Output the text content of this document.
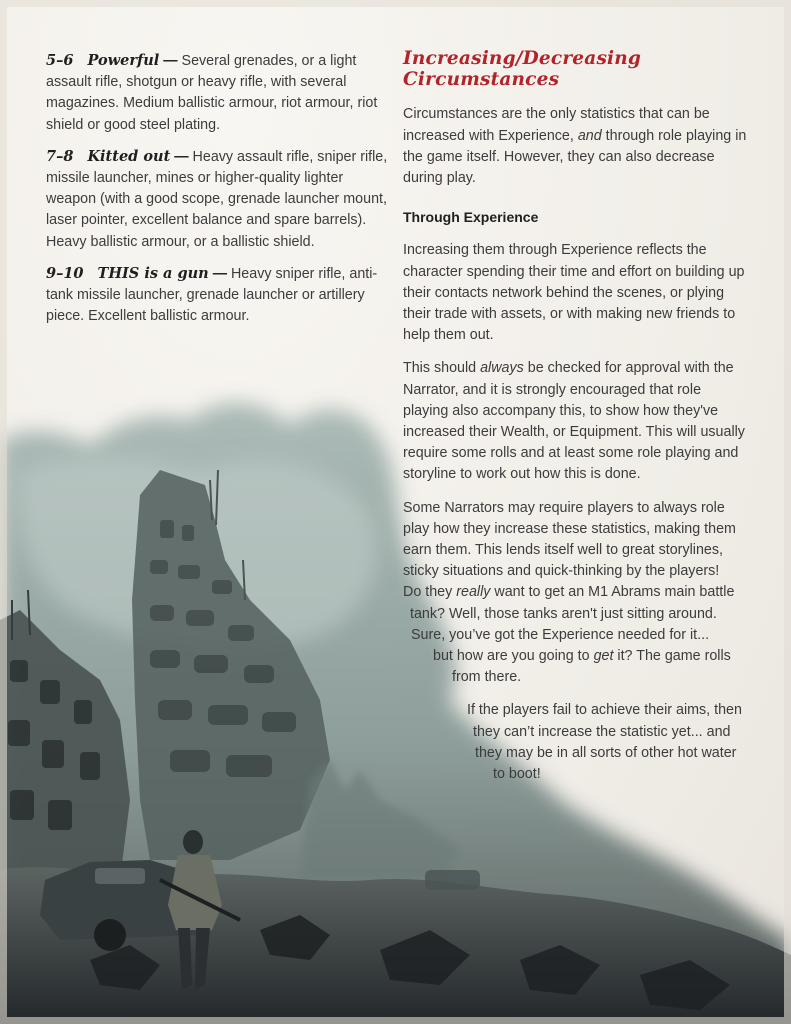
5–6 Powerful — Several grenades, or a light assault rifle, shotgun or heavy rifle, with several magazines. Medium ballistic armour, riot armour, riot shield or good steel plating.

7–8 Kitted out — Heavy assault rifle, sniper rifle, missile launcher, mines or higher-quality lighter weapon (with a good scope, grenade launcher mount, laser pointer, excellent balance and spare barrels). Heavy ballistic armour, or a ballistic shield.

9–10 THIS is a gun — Heavy sniper rifle, anti-tank missile launcher, grenade launcher or artillery piece. Excellent ballistic armour.

Increasing/Decreasing Circumstances

Circumstances are the only statistics that can be increased with Experience, and through role playing in the game itself. However, they can also decrease during play.

Through Experience

Increasing them through Experience reflects the character spending their time and effort on building up their contacts network behind the scenes, or plying their trade with assets, or with making new friends to help them out.

This should always be checked for approval with the Narrator, and it is strongly encouraged that role playing also accompany this, to show how they've increased their Wealth, or Equipment. This will usually require some rolls and at least some role playing and storyline to work out how this is done.

Some Narrators may require players to always role
play how they increase these statistics, making them
earn them. This lends itself well to great storylines,
sticky situations and quick-thinking by the players!
Do they really want to get an M1 Abrams main battle
tank? Well, those tanks aren't just sitting around.
Sure, you’ve got the Experience needed for it...
but how are you going to get it? The game rolls
from there.

If the players fail to achieve their aims, then
they can’t increase the statistic yet... and
they may be in all sorts of other hot water
to boot!
